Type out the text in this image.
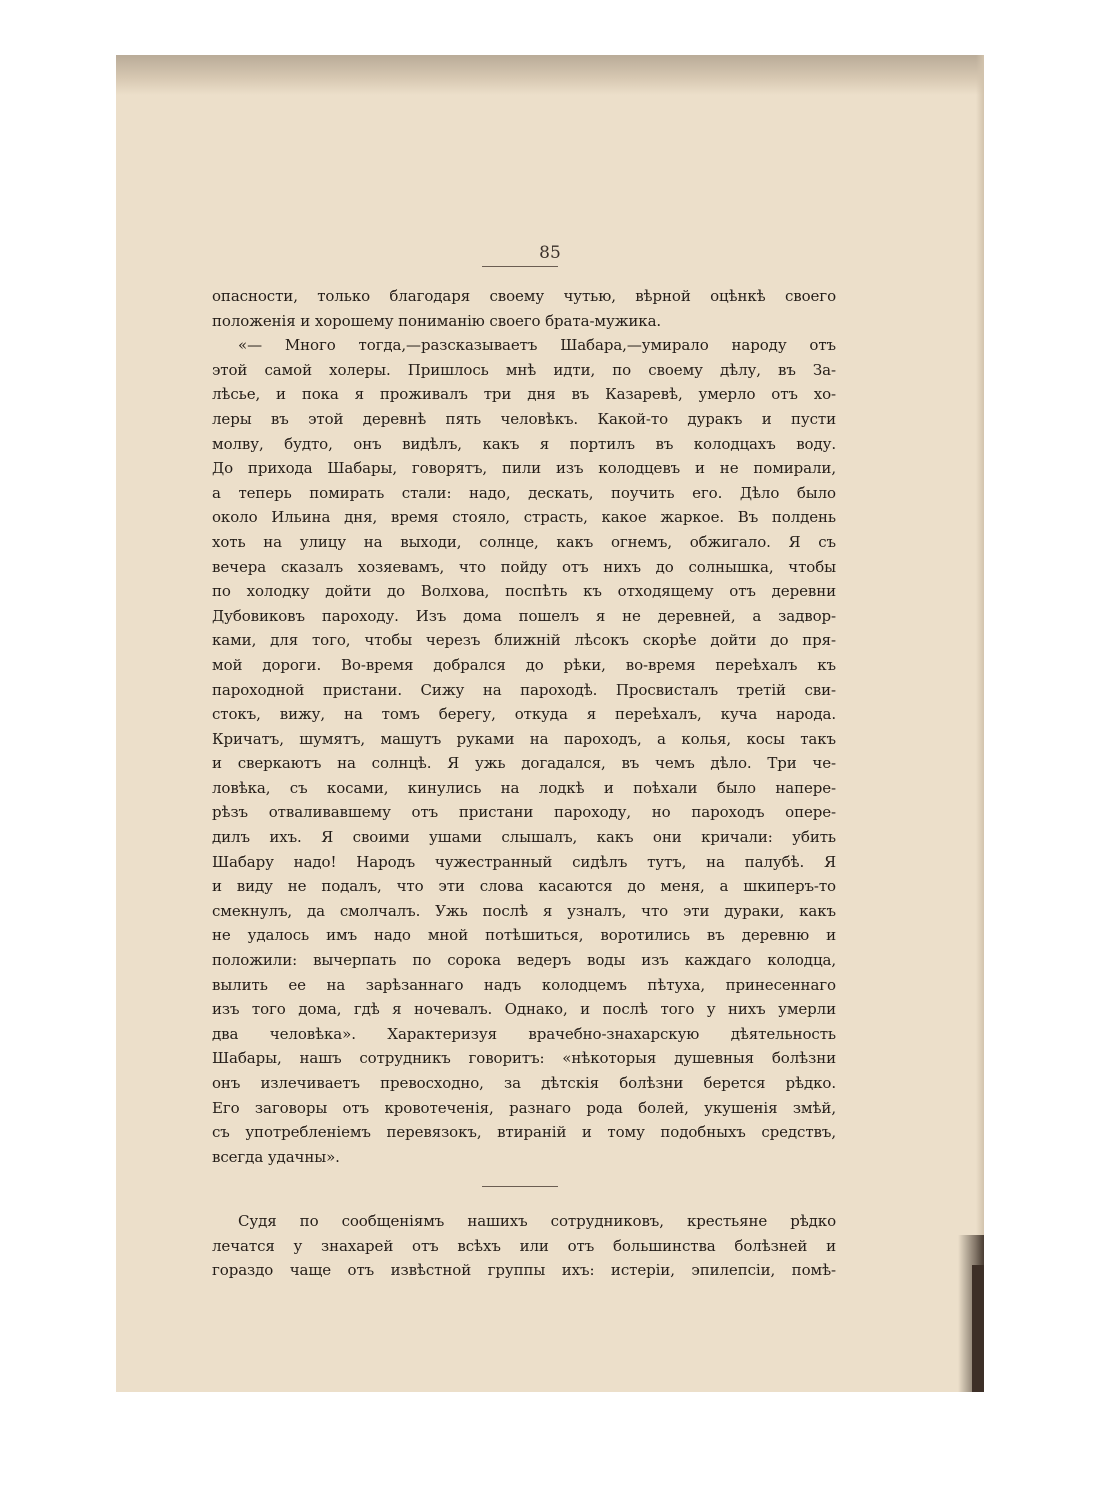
85
опасности, только благодаря своему чутью, вѣрной оцѣнкѣ своего
положенія и хорошему пониманію своего брата-мужика.
«— Много тогда,—разсказываетъ Шабара,—умирало народу отъ
этой самой холеры. Пришлось мнѣ идти, по своему дѣлу, въ За-
лѣсье, и пока я проживалъ три дня въ Казаревѣ, умерло отъ хо-
леры въ этой деревнѣ пять человѣкъ. Какой-то дуракъ и пусти
молву, будто, онъ видѣлъ, какъ я портилъ въ колодцахъ воду.
До прихода Шабары, говорятъ, пили изъ колодцевъ и не помирали,
а теперь помирать стали: надо, дескать, поучить его. Дѣло было
около Ильина дня, время стояло, страсть, какое жаркое. Въ полдень
хоть на улицу на выходи, солнце, какъ огнемъ, обжигало. Я съ
вечера сказалъ хозяевамъ, что пойду отъ нихъ до солнышка, чтобы
по холодку дойти до Волхова, поспѣть къ отходящему отъ деревни
Дубовиковъ пароходу. Изъ дома пошелъ я не деревней, а задвор-
ками, для того, чтобы черезъ ближній лѣсокъ скорѣе дойти до пря-
мой дороги. Во-время добрался до рѣки, во-время переѣхалъ къ
пароходной пристани. Сижу на пароходѣ. Просвисталъ третій сви-
стокъ, вижу, на томъ берегу, откуда я переѣхалъ, куча народа.
Кричатъ, шумятъ, машутъ руками на пароходъ, а колья, косы такъ
и сверкаютъ на солнцѣ. Я ужь догадался, въ чемъ дѣло. Три че-
ловѣка, съ косами, кинулись на лодкѣ и поѣхали было напере-
рѣзъ отваливавшему отъ пристани пароходу, но пароходъ опере-
дилъ ихъ. Я своими ушами слышалъ, какъ они кричали: убить
Шабару надо! Народъ чужестранный сидѣлъ тутъ, на палубѣ. Я
и виду не подалъ, что эти слова касаются до меня, а шкиперъ-то
смекнулъ, да смолчалъ. Ужь послѣ я узналъ, что эти дураки, какъ
не удалось имъ надо мной потѣшиться, воротились въ деревню и
положили: вычерпать по сорока ведеръ воды изъ каждаго колодца,
вылить ее на зарѣзаннаго надъ колодцемъ пѣтуха, принесеннаго
изъ того дома, гдѣ я ночевалъ. Однако, и послѣ того у нихъ умерли
два человѣка». Характеризуя врачебно-знахарскую дѣятельность
Шабары, нашъ сотрудникъ говоритъ: «нѣкоторыя душевныя болѣзни
онъ излечиваетъ превосходно, за дѣтскія болѣзни берется рѣдко.
Его заговоры отъ кровотеченія, разнаго рода болей, укушенія змѣй,
съ употребленіемъ перевязокъ, втираній и тому подобныхъ средствъ,
всегда удачны».
Судя по сообщеніямъ нашихъ сотрудниковъ, крестьяне рѣдко
лечатся у знахарей отъ всѣхъ или отъ большинства болѣзней и
гораздо чаще отъ извѣстной группы ихъ: истеріи, эпилепсіи, помѣ-
